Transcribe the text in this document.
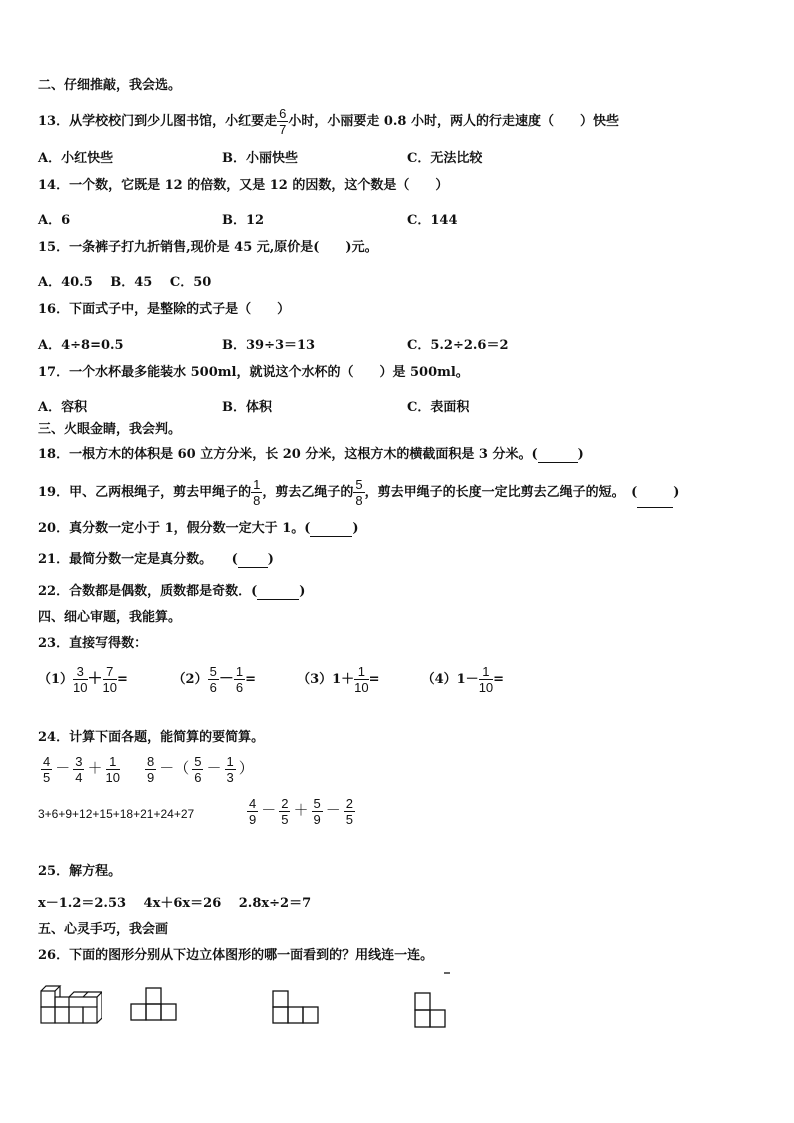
二、仔细推敲，我会选。
13．从学校校门到少儿图书馆，小红要走 $\frac{6}{7}$ 小时，小丽要走 0.8 小时，两人的行走速度（　　）快些
A．小红快些	B．小丽快些	C．无法比较
14．一个数，它既是 12 的倍数，又是 12 的因数，这个数是（　　）
A．6	B．12	C．144
15．一条裤子打九折销售,现价是 45 元,原价是(　　)元。
A．40.5　 B．45　 C．50
16．下面式子中，是整除的式子是（　　）
A．4÷8=0.5	B．39÷3＝13	C．5.2÷2.6＝2
17．一个水杯最多能装水 500ml，就说这个水杯的（　　）是 500ml。
A．容积	B．体积	C．表面积
三、火眼金睛，我会判。
18．一根方木的体积是 60 立方分米，长 20 分米，这根方木的横截面积是 3 分米。(	)
19．甲、乙两根绳子，剪去甲绳子的 $\frac{1}{8}$ ，剪去乙绳子的 $\frac{5}{8}$ ，剪去甲绳子的长度一定比剪去乙绳子的短。　(	)
20．真分数一定小于 1，假分数一定大于 1。(	)
21．最简分数一定是真分数。　　( )
22．合数都是偶数，质数都是奇数．(	)
四、细心审题，我能算。
23．直接写得数：
$(1) \frac{3}{10} + \frac{7}{10}$ =	$(2) \frac{5}{6} - \frac{1}{6}$ =	$(3)1+ \frac{1}{10}$ =	$(4)1- \frac{1}{10}$ =
24．计算下面各题，能简算的要简算。
$\frac{4}{5} - \frac{3}{4} + \frac{1}{10} \frac{8}{9}$ －（ $\frac{5}{6} - \frac{1}{3}$ ）
3+6+9+12+15+18+21+24+27	$\frac{4}{9} - \frac{2}{5} + \frac{5}{9} - \frac{2}{5}$
25．解方程。
x－1.2＝2.53　 4x＋6x＝26　 2.8x÷2＝7
五、心灵手巧，我会画
26．下面的图形分别从下边立体图形的哪一面看到的？用线连一连。
